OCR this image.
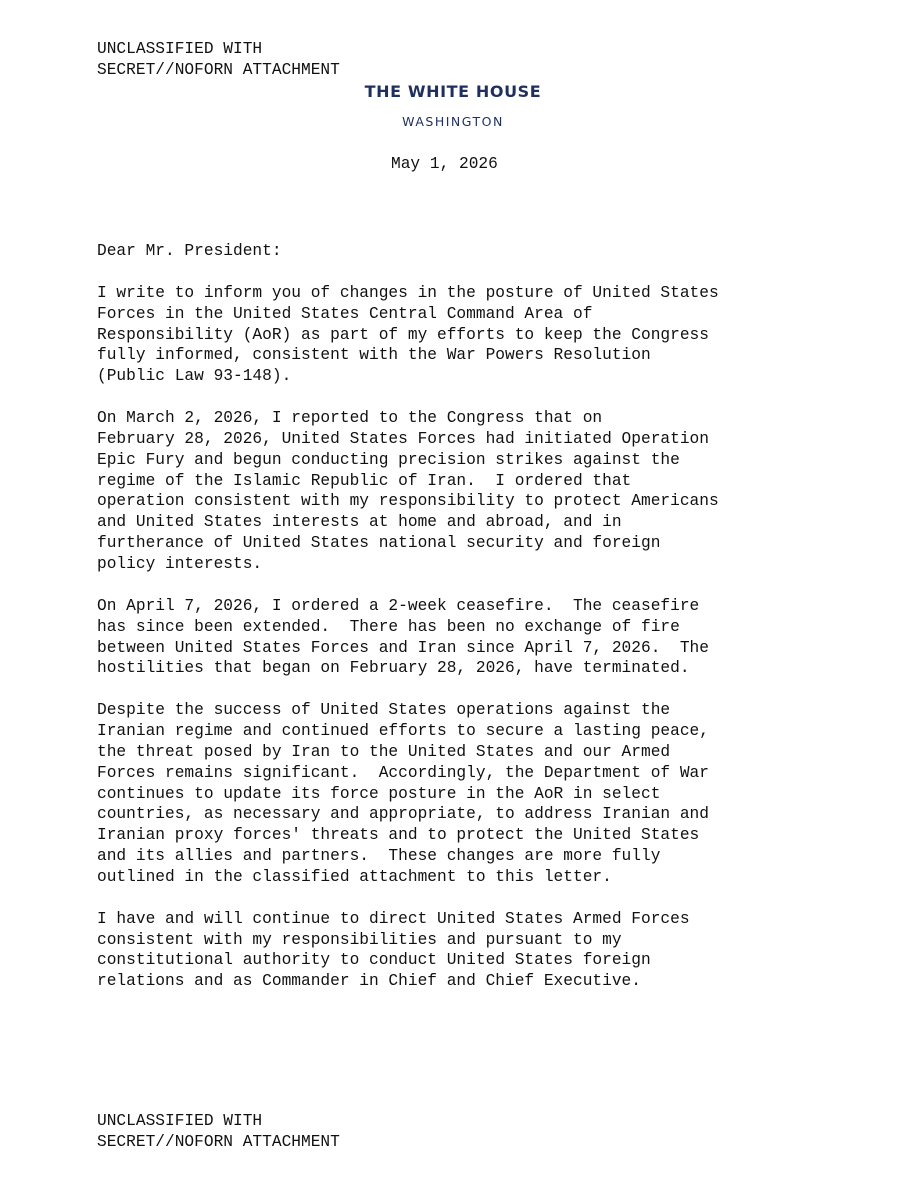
UNCLASSIFIED WITH
SECRET//NOFORN ATTACHMENT
THE WHITE HOUSE
WASHINGTON
May 1, 2026
Dear Mr. President:
I write to inform you of changes in the posture of United States
Forces in the United States Central Command Area of
Responsibility (AoR) as part of my efforts to keep the Congress
fully informed, consistent with the War Powers Resolution
(Public Law 93-148).
On March 2, 2026, I reported to the Congress that on
February 28, 2026, United States Forces had initiated Operation
Epic Fury and begun conducting precision strikes against the
regime of the Islamic Republic of Iran.  I ordered that
operation consistent with my responsibility to protect Americans
and United States interests at home and abroad, and in
furtherance of United States national security and foreign
policy interests.
On April 7, 2026, I ordered a 2-week ceasefire.  The ceasefire
has since been extended.  There has been no exchange of fire
between United States Forces and Iran since April 7, 2026.  The
hostilities that began on February 28, 2026, have terminated.
Despite the success of United States operations against the
Iranian regime and continued efforts to secure a lasting peace,
the threat posed by Iran to the United States and our Armed
Forces remains significant.  Accordingly, the Department of War
continues to update its force posture in the AoR in select
countries, as necessary and appropriate, to address Iranian and
Iranian proxy forces' threats and to protect the United States
and its allies and partners.  These changes are more fully
outlined in the classified attachment to this letter.
I have and will continue to direct United States Armed Forces
consistent with my responsibilities and pursuant to my
constitutional authority to conduct United States foreign
relations and as Commander in Chief and Chief Executive.
UNCLASSIFIED WITH
SECRET//NOFORN ATTACHMENT
